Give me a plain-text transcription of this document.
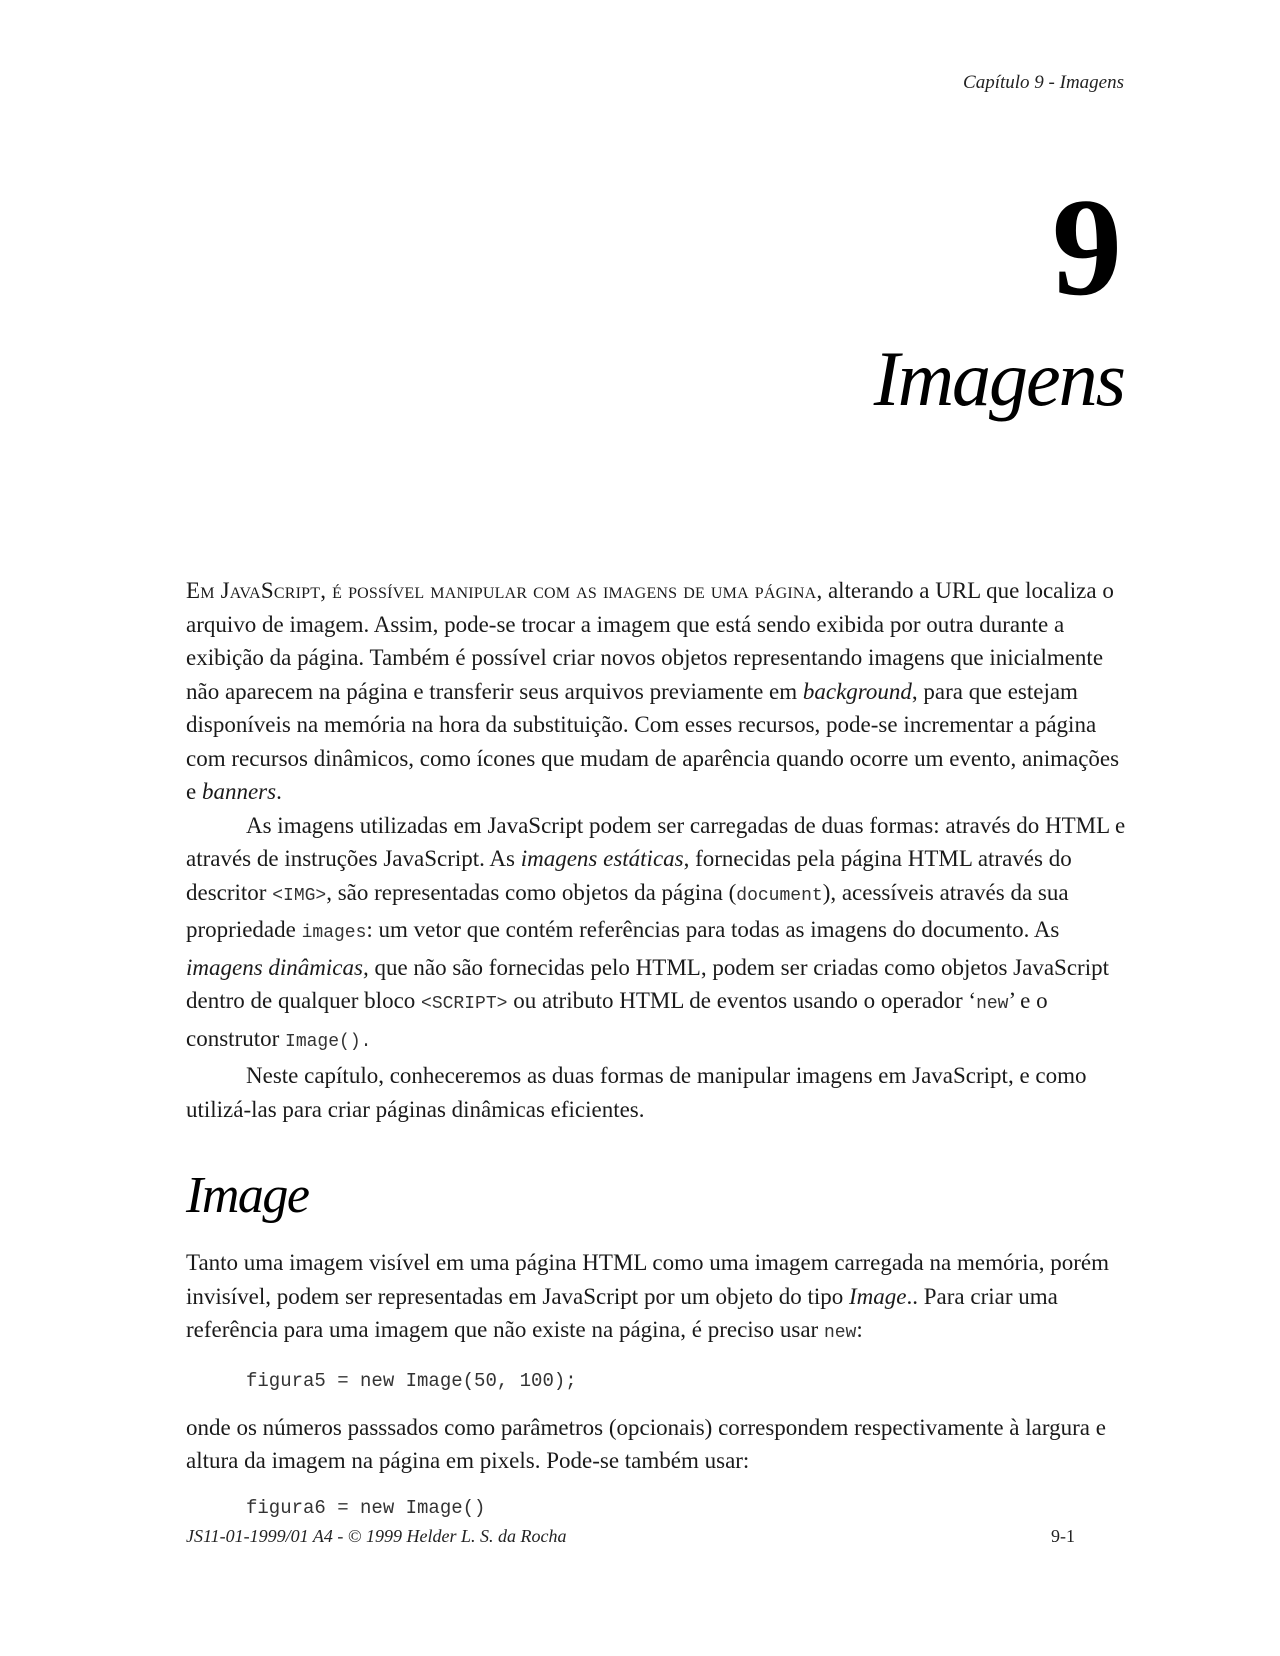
Capítulo 9 - Imagens
9
Imagens

Em JavaScript, é possível manipular com as imagens de uma página, alterando a URL que localiza o arquivo de imagem. Assim, pode-se trocar a imagem que está sendo exibida por outra durante a exibição da página. Também é possível criar novos objetos representando imagens que inicialmente não aparecem na página e transferir seus arquivos previamente em background, para que estejam disponíveis na memória na hora da substituição. Com esses recursos, pode-se incrementar a página com recursos dinâmicos, como ícones que mudam de aparência quando ocorre um evento, animações e banners.

As imagens utilizadas em JavaScript podem ser carregadas de duas formas: através do HTML e através de instruções JavaScript. As imagens estáticas, fornecidas pela página HTML através do descritor <IMG>, são representadas como objetos da página (document), acessíveis através da sua propriedade images: um vetor que contém referências para todas as imagens do documento. As imagens dinâmicas, que não são fornecidas pelo HTML, podem ser criadas como objetos JavaScript dentro de qualquer bloco <SCRIPT> ou atributo HTML de eventos usando o operador ‘new’ e o construtor Image().

Neste capítulo, conheceremos as duas formas de manipular imagens em JavaScript, e como utilizá-las para criar páginas dinâmicas eficientes.

Image

Tanto uma imagem visível em uma página HTML como uma imagem carregada na memória, porém invisível, podem ser representadas em JavaScript por um objeto do tipo Image.. Para criar uma referência para uma imagem que não existe na página, é preciso usar new:

figura5 = new Image(50, 100);

onde os números passsados como parâmetros (opcionais) correspondem respectivamente à largura e altura da imagem na página em pixels. Pode-se também usar:

figura6 = new Image()
JS11-01-1999/01 A4 - © 1999 Helder L. S. da Rocha	9-1
